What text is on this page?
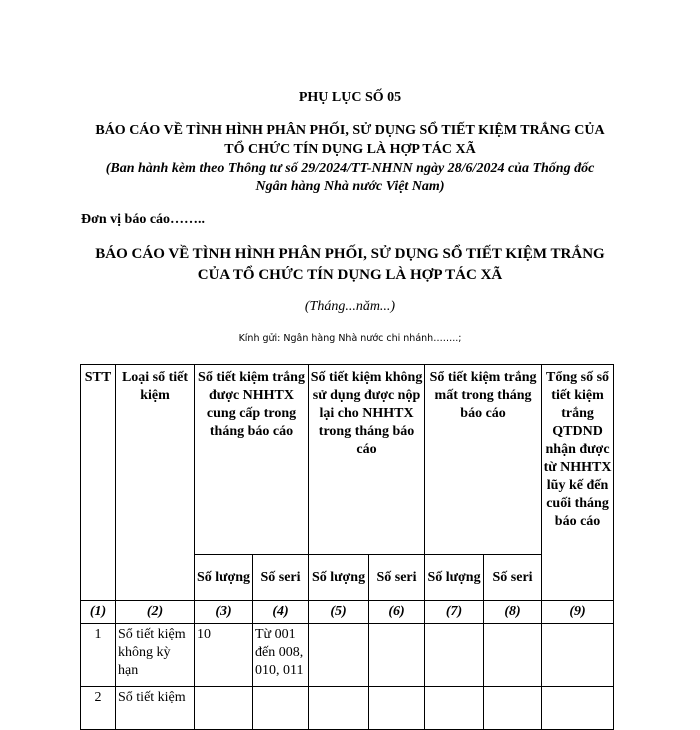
PHỤ LỤC SỐ 05
BÁO CÁO VỀ TÌNH HÌNH PHÂN PHỐI, SỬ DỤNG SỔ TIẾT KIỆM TRẮNG CỦA
TỔ CHỨC TÍN DỤNG LÀ HỢP TÁC XÃ
(Ban hành kèm theo Thông tư số 29/2024/TT-NHNN ngày 28/6/2024 của Thống đốc
Ngân hàng Nhà nước Việt Nam)
Đơn vị báo cáo……..
BÁO CÁO VỀ TÌNH HÌNH PHÂN PHỐI, SỬ DỤNG SỔ TIẾT KIỆM TRẮNG
CỦA TỔ CHỨC TÍN DỤNG LÀ HỢP TÁC XÃ
(Tháng...năm...)
Kính gửi: Ngân hàng Nhà nước chi nhánh……..;
STT	Loại sổ tiết kiệm	Sổ tiết kiệm trắng được NHHTX cung cấp trong tháng báo cáo		Số tiết kiệm không sử dụng được nộp lại cho NHHTX trong tháng báo cáo		Sổ tiết kiệm trắng mất trong tháng báo cáo		Tổng số sổ tiết kiệm trắng QTDND nhận được từ NHHTX lũy kế đến cuối tháng báo cáo
		Số lượng	Số seri	Số lượng	Số seri	Số lượng	Số seri	
(1)	(2)	(3)	(4)	(5)	(6)	(7)	(8)	(9)
1	Sổ tiết kiệm không kỳ hạn	10	Từ 001 đến 008, 010, 011					
2	Sổ tiết kiệm							
